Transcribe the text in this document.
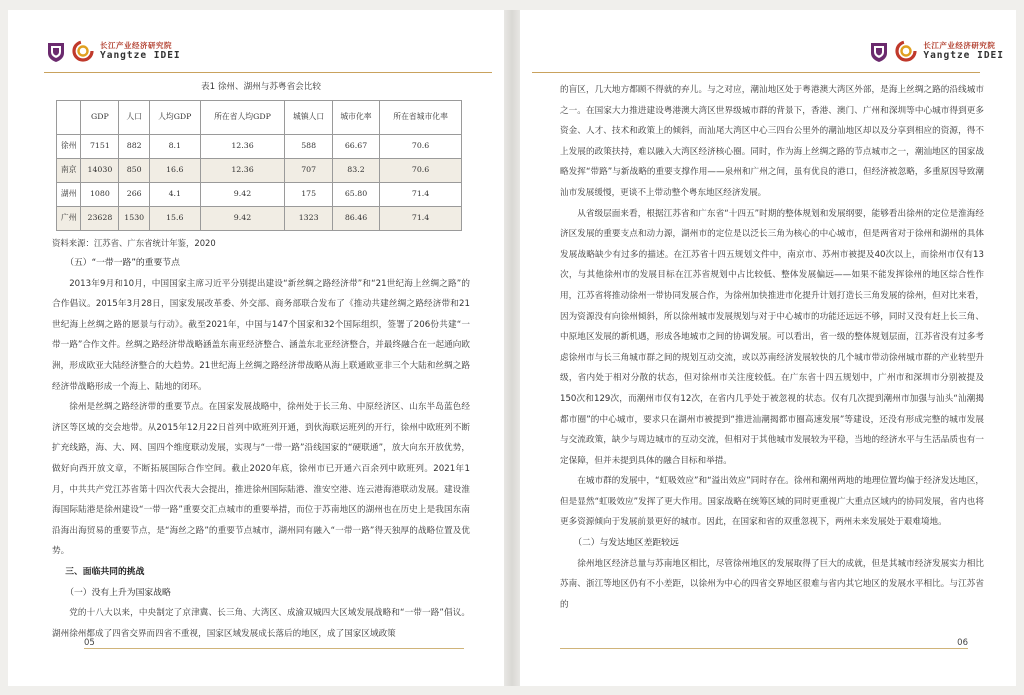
长江产业经济研究院
Yangtze IDEI
表1 徐州、湖州与苏粤省会比较
	GDP	人口	人均GDP	所在省人均GDP	城镇人口	城市化率	所在省城市化率
徐州	7151	882	8.1	12.36	588	66.67	70.6
南京	14030	850	16.6	12.36	707	83.2	70.6
湖州	1080	266	4.1	9.42	175	65.80	71.4
广州	23628	1530	15.6	9.42	1323	86.46	71.4
资料来源：江苏省、广东省统计年鉴，2020
（五）“一带一路”的重要节点

2013年9月和10月，中国国家主席习近平分别提出建设“新丝绸之路经济带”和“21世纪海上丝绸之路”的合作倡议。2015年3月28日，国家发展改革委、外交部、商务部联合发布了《推动共建丝绸之路经济带和21世纪海上丝绸之路的愿景与行动》。截至2021年，中国与147个国家和32个国际组织，签署了206份共建“一带一路”合作文件。丝绸之路经济带战略涵盖东南亚经济整合、涵盖东北亚经济整合，并最终融合在一起通向欧洲，形成欧亚大陆经济整合的大趋势。21世纪海上丝绸之路经济带战略从海上联通欧亚非三个大陆和丝绸之路经济带战略形成一个海上、陆地的闭环。

徐州是丝绸之路经济带的重要节点。在国家发展战略中，徐州处于长三角、中原经济区、山东半岛蓝色经济区等区域的交会地带。从2015年12月22日首列中欧班列开通，到伙海联运班列的开行，徐州中欧班列不断扩充线路，海、大、网、国四个维度联动发展，实现与“一带一路”沿线国家的“硬联通”，放大向东开放优势，做好向西开放文章，不断拓展国际合作空间。截止2020年底，徐州市已开通六百余列中欧班列。2021年1月，中共共产党江苏省第十四次代表大会提出，推进徐州国际陆港、淮安空港、连云港海港联动发展。建设淮海国际陆港是徐州建设“一带一路”重要交汇点城市的重要举措，而位于苏南地区的湖州也在历史上是我国东南沿海出海贸易的重要节点，是“海丝之路”的重要节点城市，湖州同有融入“一带一路”得天独厚的战略位置及优势。

三、面临共同的挑战
（一）没有上升为国家战略

党的十八大以来，中央制定了京津冀、长三角、大湾区、成渝双城四大区域发展战略和“一带一路”倡议。湖州徐州都成了四省交界而四省不重视，国家区域发展成长落后的地区，成了国家区域政策

05
长江产业经济研究院
Yangtze IDEI

的盲区，几大地方都顾不得就的弃儿。与之对应，潮汕地区处于粤港澳大湾区外部，是海上丝绸之路的沿线城市之一。在国家大力推进建设粤港澳大湾区世界级城市群的背景下，香港、澳门、广州和深圳等中心城市得到更多资金、人才、技术和政策上的倾斜，而汕尾大湾区中心三四台公里外的潮汕地区却以及分享到相应的资源，得不上发展的政策扶持，难以融入大湾区经济核心圈。同时，作为海上丝绸之路的节点城市之一，潮汕地区的国家战略发挥“带路”与新战略的重要支撑作用——泉州和广州之间，虽有优良的港口，但经济被忽略，多重原因导致潮汕市发展缓慢，更谈不上带动整个粤东地区经济发展。

从省级层面来看，根据江苏省和广东省“十四五”时期的整体规划和发展纲要，能够看出徐州的定位是淮海经济区发展的重要支点和动力源，湖州市的定位是以泛长三角为核心的中心城市，但是两省对于徐州和湖州的具体发展战略缺少有过多的描述。在江苏省十四五规划文件中，南京市、苏州市被提及40次以上，而徐州市仅有13次，与其他徐州市的发展目标在江苏省规划中占比较低、整体发展偏远——如果不能发挥徐州的地区综合性作用，江苏省将推动徐州一带协同发展合作，为徐州加快推进市化提升计划打造长三角发展的徐州，但对比来看，因为资源没有向徐州倾斜，所以徐州城市发展规划与对于中心城市的功能还远远不够，同时又没有赶上长三角、中原地区发展的新机遇，形成各地城市之间的协调发展。可以看出，省一级的整体规划层面，江苏省没有过多考虑徐州市与长三角城市群之间的规划互动交流，或以苏南经济发展较快的几个城市带动徐州城市群的产业转型升级，省内处于相对分散的状态，但对徐州市关注度较低。在广东省十四五规划中，广州市和深圳市分别被提及150次和129次，而潮州市仅有12次，在省内几乎处于被忽视的状态。仅有几次提到潮州市加强与汕头“汕潮揭都市圈”的中心城市，要求只在湖州市被提到“推进汕潮揭都市圈高速发展”等建设，还没有形成完整的城市发展与交流政策，缺少与周边城市的互动交流，但相对于其他城市发展较为平稳，当地的经济水平与生活品质也有一定保障，但并未提到具体的融合目标和举措。

在城市群的发展中，“虹吸效应”和“溢出效应”同时存在。徐州和潮州两地的地理位置均偏于经济发达地区，但是显然“虹吸效应”发挥了更大作用。国家战略在统筹区域的同时更重视广大重点区域内的协同发展，省内也将更多资源倾向于发展前景更好的城市。因此，在国家和省的双重忽视下，两州未来发展处于艰难境地。

（二）与发达地区差距较远

徐州地区经济总量与苏南地区相比，尽管徐州地区的发展取得了巨大的成就，但是其城市经济发展实力相比苏南、浙江等地区仍有不小差距，以徐州为中心的四省交界地区很难与省内其它地区的发展水平相比。与江苏省的

06
